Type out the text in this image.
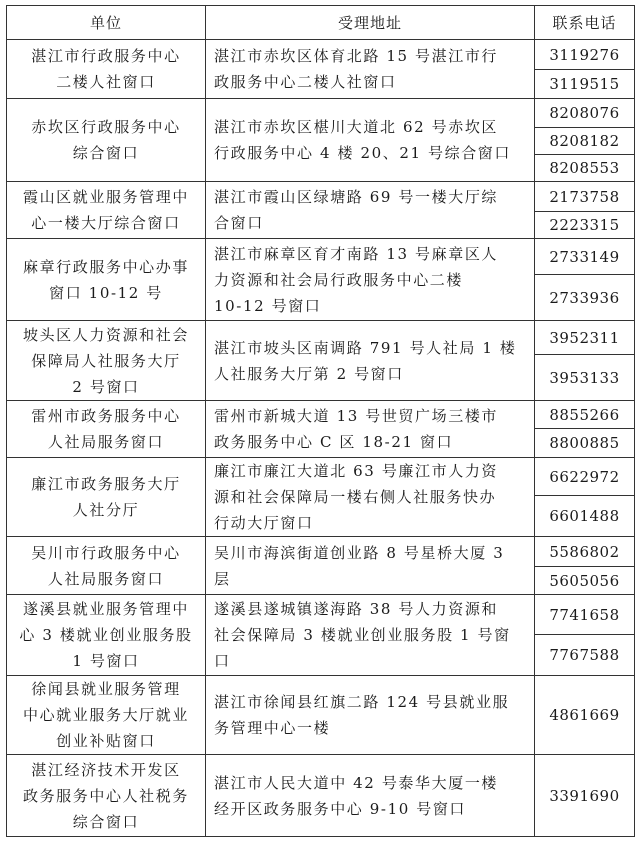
单位	受理地址	联系电话

湛江市行政服务中心
二楼人社窗口	湛江市赤坎区体育北路 15 号湛江市行
政服务中心二楼人社窗口	3119276
		3119515

赤坎区行政服务中心
综合窗口	湛江市赤坎区椹川大道北 62 号赤坎区
行政服务中心 4 楼 20、21 号综合窗口	8208076
		8208182
		8208553

霞山区就业服务管理中
心一楼大厅综合窗口	湛江市霞山区绿塘路 69 号一楼大厅综
合窗口	2173758
		2223315

麻章行政服务中心办事
窗口 10-12 号	湛江市麻章区育才南路 13 号麻章区人
力资源和社会局行政服务中心二楼
10-12 号窗口	2733149
		2733936

坡头区人力资源和社会
保障局人社服务大厅
2 号窗口	湛江市坡头区南调路 791 号人社局 1 楼
人社服务大厅第 2 号窗口	3952311
		3953133

雷州市政务服务中心
人社局服务窗口	雷州市新城大道 13 号世贸广场三楼市
政务服务中心 C 区 18-21 窗口	8855266
		8800885

廉江市政务服务大厅
人社分厅	廉江市廉江大道北 63 号廉江市人力资
源和社会保障局一楼右侧人社服务快办
行动大厅窗口	6622972
		6601488

吴川市行政服务中心
人社局服务窗口	吴川市海滨街道创业路 8 号星桥大厦 3
层	5586802
		5605056

遂溪县就业服务管理中
心 3 楼就业创业服务股
1 号窗口	遂溪县遂城镇遂海路 38 号人力资源和
社会保障局 3 楼就业创业服务股 1 号窗
口	7741658
		7767588

徐闻县就业服务管理
中心就业服务大厅就业
创业补贴窗口	湛江市徐闻县红旗二路 124 号县就业服
务管理中心一楼	4861669

湛江经济技术开发区
政务服务中心人社税务
综合窗口	湛江市人民大道中 42 号泰华大厦一楼
经开区政务服务中心 9-10 号窗口	3391690
